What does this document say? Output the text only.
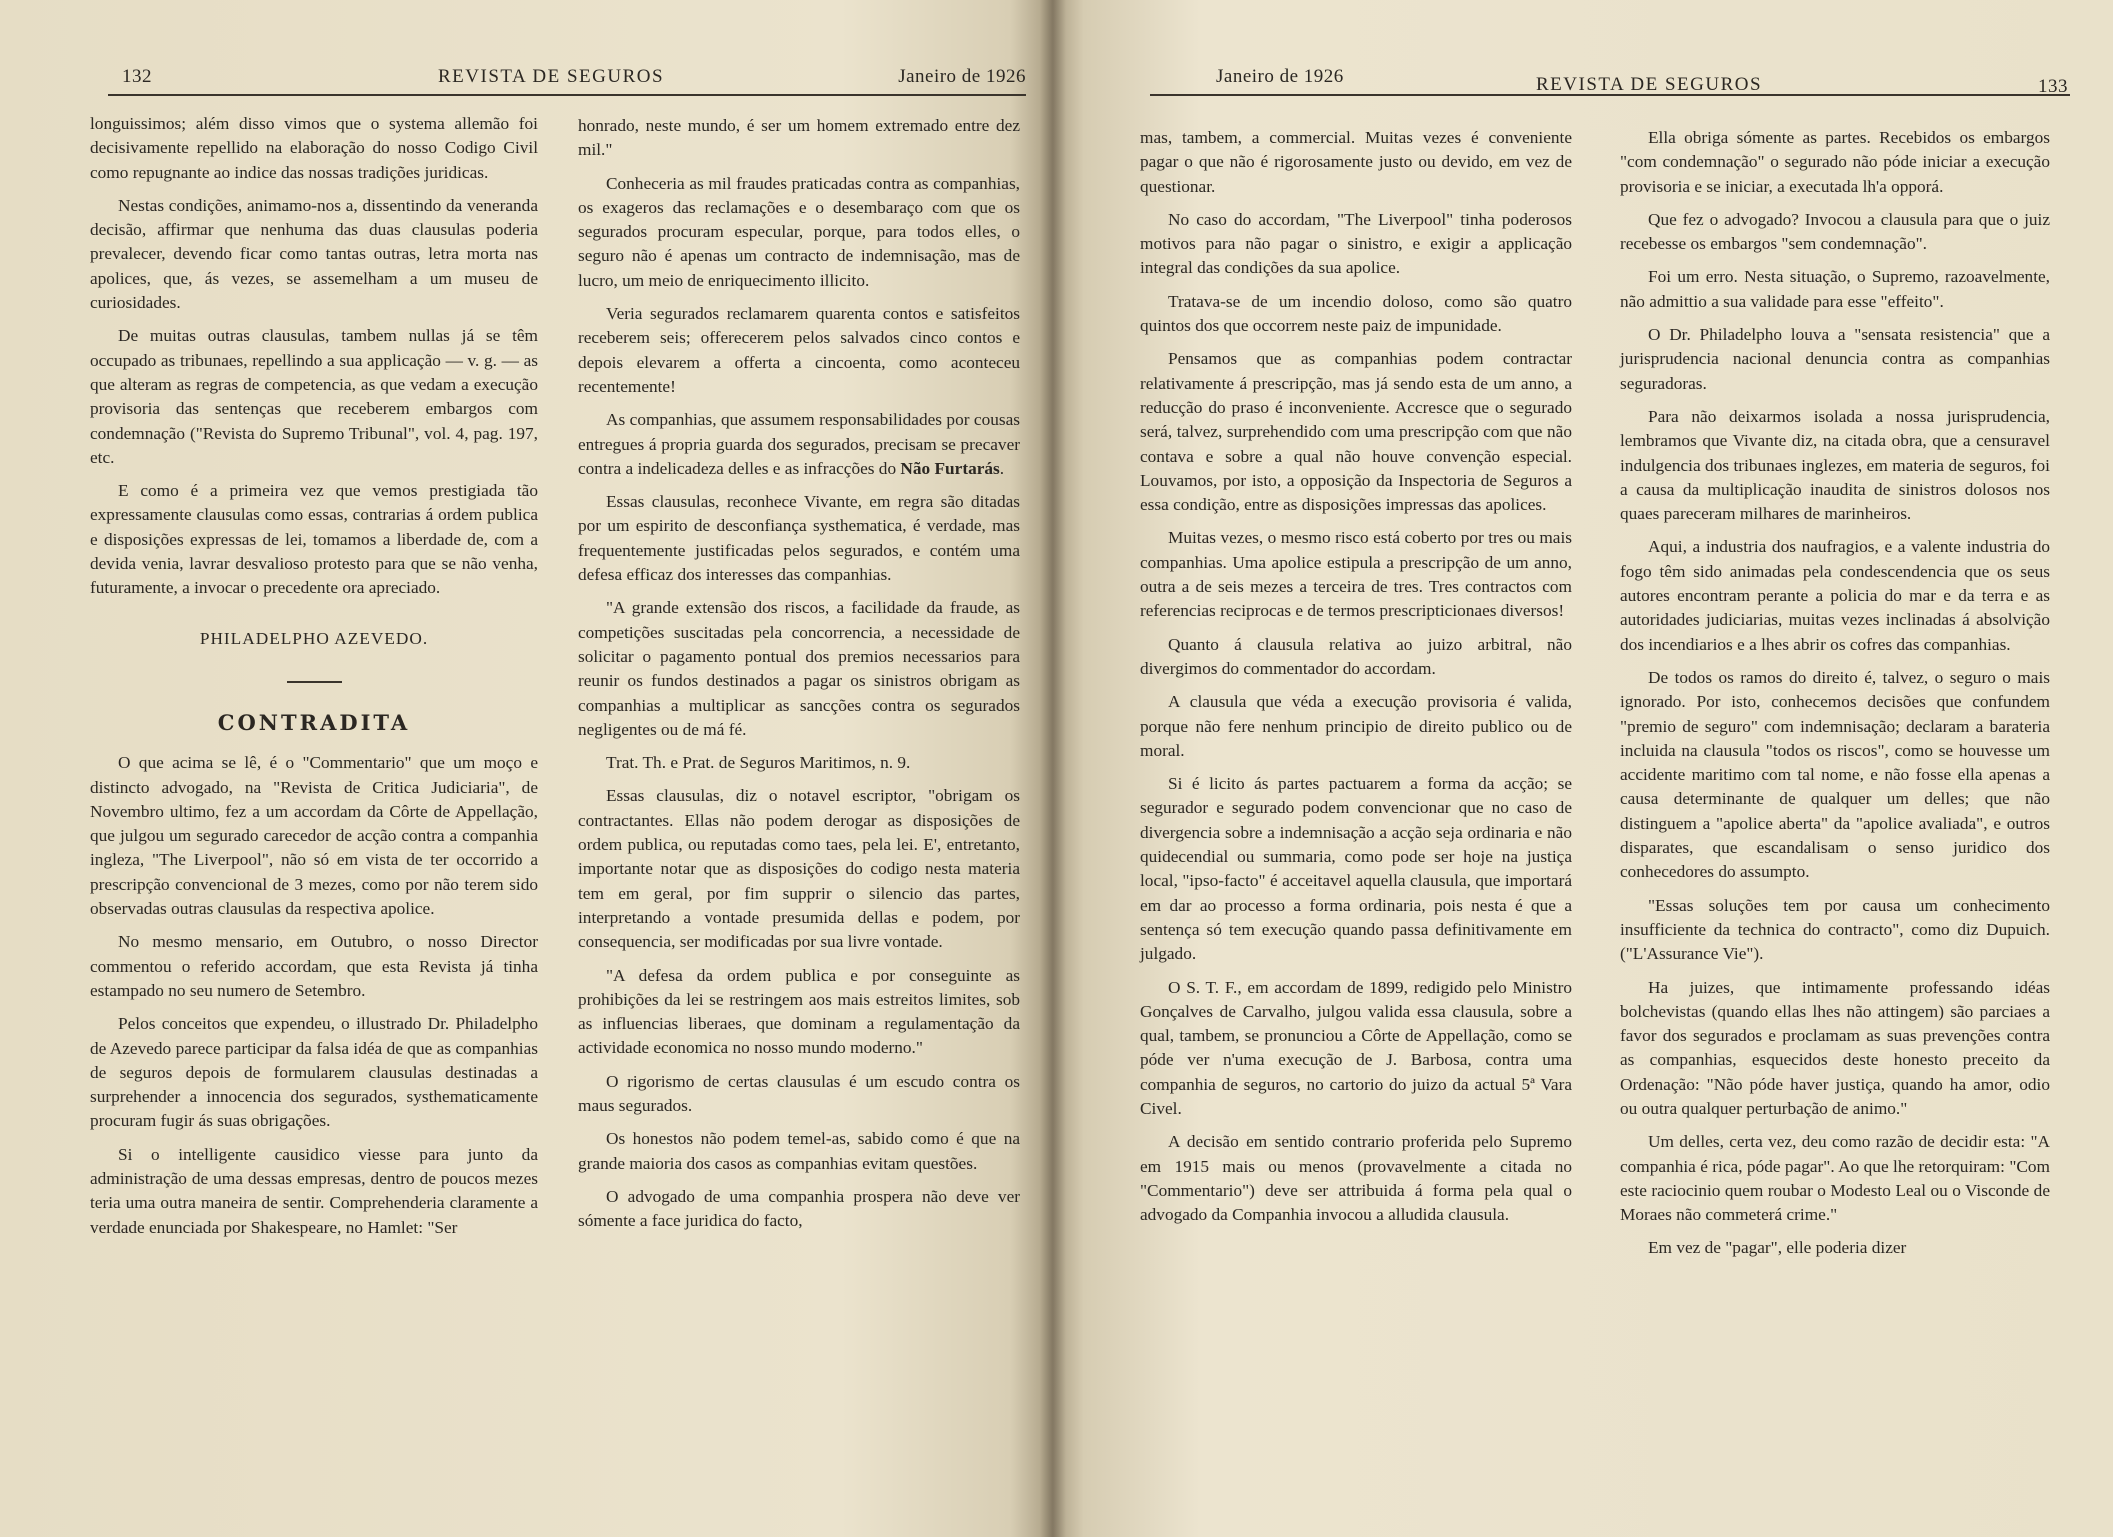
132	REVISTA DE SEGUROS	Janeiro de 1926

longuissimos; além disso vimos que o systema allemão foi decisivamente repellido na elaboração do nosso Codigo Civil como repugnante ao indice das nossas tradições juridicas.

Nestas condições, animamo-nos a, dissentindo da veneranda decisão, affirmar que nenhuma das duas clausulas poderia prevalecer, devendo ficar como tantas outras, letra morta nas apolices, que, ás vezes, se assemelham a um museu de curiosidades.

De muitas outras clausulas, tambem nullas já se têm occupado as tribunaes, repellindo a sua applicação — v. g. — as que alteram as regras de competencia, as que vedam a execução provisoria das sentenças que receberem embargos com condemnação ("Revista do Supremo Tribunal", vol. 4, pag. 197, etc.

E como é a primeira vez que vemos prestigiada tão expressamente clausulas como essas, contrarias á ordem publica e disposições expressas de lei, tomamos a liberdade de, com a devida venia, lavrar desvalioso protesto para que se não venha, futuramente, a invocar o precedente ora apreciado.

PHILADELPHO AZEVEDO.

CONTRADITA

O que acima se lê, é o "Commentario" que um moço e distincto advogado, na "Revista de Critica Judiciaria", de Novembro ultimo, fez a um accordam da Côrte de Appellação, que julgou um segurado carecedor de acção contra a companhia ingleza, "The Liverpool", não só em vista de ter occorrido a prescripção convencional de 3 mezes, como por não terem sido observadas outras clausulas da respectiva apolice.

No mesmo mensario, em Outubro, o nosso Director commentou o referido accordam, que esta Revista já tinha estampado no seu numero de Setembro.

Pelos conceitos que expendeu, o illustrado Dr. Philadelpho de Azevedo parece participar da falsa idéa de que as companhias de seguros depois de formularem clausulas destinadas a surprehender a innocencia dos segurados, systhematicamente procuram fugir ás suas obrigações.

Si o intelligente causidico viesse para junto da administração de uma dessas empresas, dentro de poucos mezes teria uma outra maneira de sentir. Comprehenderia claramente a verdade enunciada por Shakespeare, no Hamlet: "Ser

honrado, neste mundo, é ser um homem extremado entre dez mil."

Conheceria as mil fraudes praticadas contra as companhias, os exageros das reclamações e o desembaraço com que os segurados procuram especular, porque, para todos elles, o seguro não é apenas um contracto de indemnisação, mas de lucro, um meio de enriquecimento illicito.

Veria segurados reclamarem quarenta contos e satisfeitos receberem seis; offerecerem pelos salvados cinco contos e depois elevarem a offerta a cincoenta, como aconteceu recentemente!

As companhias, que assumem responsabilidades por cousas entregues á propria guarda dos segurados, precisam se precaver contra a indelicadeza delles e as infracções do Não Furtarás.

Essas clausulas, reconhece Vivante, em regra são ditadas por um espirito de desconfiança systhematica, é verdade, mas frequentemente justificadas pelos segurados, e contém uma defesa efficaz dos interesses das companhias.

"A grande extensão dos riscos, a facilidade da fraude, as competições suscitadas pela concorrencia, a necessidade de solicitar o pagamento pontual dos premios necessarios para reunir os fundos destinados a pagar os sinistros obrigam as companhias a multiplicar as sancções contra os segurados negligentes ou de má fé.

Trat. Th. e Prat. de Seguros Maritimos, n. 9.

Essas clausulas, diz o notavel escriptor, "obrigam os contractantes. Ellas não podem derogar as disposições de ordem publica, ou reputadas como taes, pela lei. E', entretanto, importante notar que as disposições do codigo nesta materia tem em geral, por fim supprir o silencio das partes, interpretando a vontade presumida dellas e podem, por consequencia, ser modificadas por sua livre vontade.

"A defesa da ordem publica e por conseguinte as prohibições da lei se restringem aos mais estreitos limites, sob as influencias liberaes, que dominam a regulamentação da actividade economica no nosso mundo moderno."

O rigorismo de certas clausulas é um escudo contra os maus segurados.

Os honestos não podem temel-as, sabido como é que na grande maioria dos casos as companhias evitam questões.

O advogado de uma companhia prospera não deve ver sómente a face juridica do facto,

Janeiro de 1926	REVISTA DE SEGUROS	133

mas, tambem, a commercial. Muitas vezes é conveniente pagar o que não é rigorosamente justo ou devido, em vez de questionar.

No caso do accordam, "The Liverpool" tinha poderosos motivos para não pagar o sinistro, e exigir a applicação integral das condições da sua apolice.

Tratava-se de um incendio doloso, como são quatro quintos dos que occorrem neste paiz de impunidade.

Pensamos que as companhias podem contractar relativamente á prescripção, mas já sendo esta de um anno, a reducção do praso é inconveniente. Accresce que o segurado será, talvez, surprehendido com uma prescripção com que não contava e sobre a qual não houve convenção especial. Louvamos, por isto, a opposição da Inspectoria de Seguros a essa condição, entre as disposições impressas das apolices.

Muitas vezes, o mesmo risco está coberto por tres ou mais companhias. Uma apolice estipula a prescripção de um anno, outra a de seis mezes a terceira de tres. Tres contractos com referencias reciprocas e de termos prescripticionaes diversos!

Quanto á clausula relativa ao juizo arbitral, não divergimos do commentador do accordam.

A clausula que véda a execução provisoria é valida, porque não fere nenhum principio de direito publico ou de moral.

Si é licito ás partes pactuarem a forma da acção; se segurador e segurado podem convencionar que no caso de divergencia sobre a indemnisação a acção seja ordinaria e não quidecendial ou summaria, como pode ser hoje na justiça local, "ipso-facto" é acceitavel aquella clausula, que importará em dar ao processo a forma ordinaria, pois nesta é que a sentença só tem execução quando passa definitivamente em julgado.

O S. T. F., em accordam de 1899, redigido pelo Ministro Gonçalves de Carvalho, julgou valida essa clausula, sobre a qual, tambem, se pronunciou a Côrte de Appellação, como se póde ver n'uma execução de J. Barbosa, contra uma companhia de seguros, no cartorio do juizo da actual 5ª Vara Civel.

A decisão em sentido contrario proferida pelo Supremo em 1915 mais ou menos (provavelmente a citada no "Commentario") deve ser attribuida á forma pela qual o advogado da Companhia invocou a alludida clausula.

Ella obriga sómente as partes. Recebidos os embargos "com condemnação" o segurado não póde iniciar a execução provisoria e se iniciar, a executada lh'a opporá.

Que fez o advogado? Invocou a clausula para que o juiz recebesse os embargos "sem condemnação".

Foi um erro. Nesta situação, o Supremo, razoavelmente, não admittio a sua validade para esse "effeito".

O Dr. Philadelpho louva a "sensata resistencia" que a jurisprudencia nacional denuncia contra as companhias seguradoras.

Para não deixarmos isolada a nossa jurisprudencia, lembramos que Vivante diz, na citada obra, que a censuravel indulgencia dos tribunaes inglezes, em materia de seguros, foi a causa da multiplicação inaudita de sinistros dolosos nos quaes pareceram milhares de marinheiros.

Aqui, a industria dos naufragios, e a valente industria do fogo têm sido animadas pela condescendencia que os seus autores encontram perante a policia do mar e da terra e as autoridades judiciarias, muitas vezes inclinadas á absolvição dos incendiarios e a lhes abrir os cofres das companhias.

De todos os ramos do direito é, talvez, o seguro o mais ignorado. Por isto, conhecemos decisões que confundem "premio de seguro" com indemnisação; declaram a barateria incluida na clausula "todos os riscos", como se houvesse um accidente maritimo com tal nome, e não fosse ella apenas a causa determinante de qualquer um delles; que não distinguem a "apolice aberta" da "apolice avaliada", e outros disparates, que escandalisam o senso juridico dos conhecedores do assumpto.

"Essas soluções tem por causa um conhecimento insufficiente da technica do contracto", como diz Dupuich. ("L'Assurance Vie").

Ha juizes, que intimamente professando idéas bolchevistas (quando ellas lhes não attingem) são parciaes a favor dos segurados e proclamam as suas prevenções contra as companhias, esquecidos deste honesto preceito da Ordenação: "Não póde haver justiça, quando ha amor, odio ou outra qualquer perturbação de animo."

Um delles, certa vez, deu como razão de decidir esta: "A companhia é rica, póde pagar". Ao que lhe retorquiram: "Com este raciocinio quem roubar o Modesto Leal ou o Visconde de Moraes não commeterá crime."

Em vez de "pagar", elle poderia dizer
